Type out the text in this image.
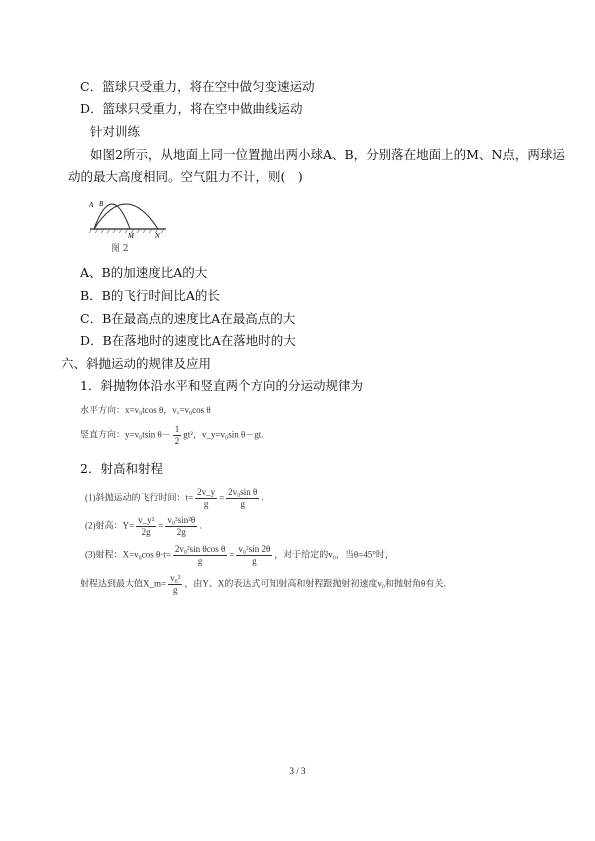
C．篮球只受重力，将在空中做匀变速运动
D．篮球只受重力，将在空中做曲线运动
针对训练
如图2所示，从地面上同一位置抛出两小球A、B，分别落在地面上的M、N点，两球运
动的最大高度相同。空气阻力不计，则(　)
A B
M	N
图 2
A、B的加速度比A的大
B．B的飞行时间比A的长
C．B在最高点的速度比A在最高点的大
D．B在落地时的速度比A在落地时的大
六、斜抛运动的规律及应用
1．斜抛物体沿水平和竖直两个方向的分运动规律为
水平方向：x=v₀tcos θ，vₓ=v₀cos θ
竖直方向：y=v₀tsin $\theta- \frac{1}{2} gt^2$，v_y=v₀sin θ－gt.
2．射高和射程
(1)斜抛运动的飞行时间：$t= \frac{2v\_y}{g} = \frac{\text{2v₀sin θ}}{g}$ .
(2)射高：$Y= \frac{\text{v\_y²}}{2g} = \frac{\text{v₀²sin²θ}}{2g}$ .
(3)射程：X=v₀cos $\theta\cdot t= \frac{\text{2v₀²sin θcos θ}}{g} = \frac{\text{v₀²sin 2θ}}{g}$ ，对于给定的v₀，当θ=45°时，
射程达到最大值X_m= $\frac{\text{v₀²}}{g}$ ，由Y、X的表达式可知射高和射程跟抛射初速度v₀和抛射角θ有关.
3 / 3
